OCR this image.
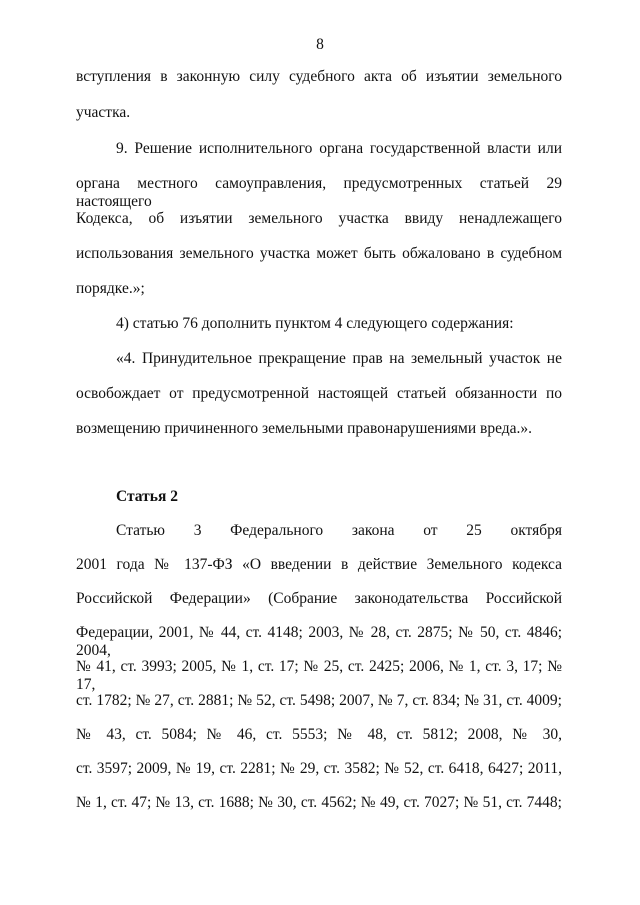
8
вступления в законную силу судебного акта об изъятии земельного
участка.
9. Решение исполнительного органа государственной власти или
органа местного самоуправления, предусмотренных статьей 29 настоящего
Кодекса, об изъятии земельного участка ввиду ненадлежащего
использования земельного участка может быть обжаловано в судебном
порядке.»;
4) статью 76 дополнить пунктом 4 следующего содержания:
«4. Принудительное прекращение прав на земельный участок не
освобождает от предусмотренной настоящей статьей обязанности по
возмещению причиненного земельными правонарушениями вреда.».
Статья 2
Статью 3 Федерального закона от 25 октября
2001 года № 137-ФЗ «О введении в действие Земельного кодекса
Российской Федерации» (Собрание законодательства Российской
Федерации, 2001, № 44, ст. 4148; 2003, № 28, ст. 2875; № 50, ст. 4846; 2004,
№ 41, ст. 3993; 2005, № 1, ст. 17; № 25, ст. 2425; 2006, № 1, ст. 3, 17; № 17,
ст. 1782; № 27, ст. 2881; № 52, ст. 5498; 2007, № 7, ст. 834; № 31, ст. 4009;
№ 43, ст. 5084; № 46, ст. 5553; № 48, ст. 5812; 2008, № 30,
ст. 3597; 2009, № 19, ст. 2281; № 29, ст. 3582; № 52, ст. 6418, 6427; 2011,
№ 1, ст. 47; № 13, ст. 1688; № 30, ст. 4562; № 49, ст. 7027; № 51, ст. 7448;
